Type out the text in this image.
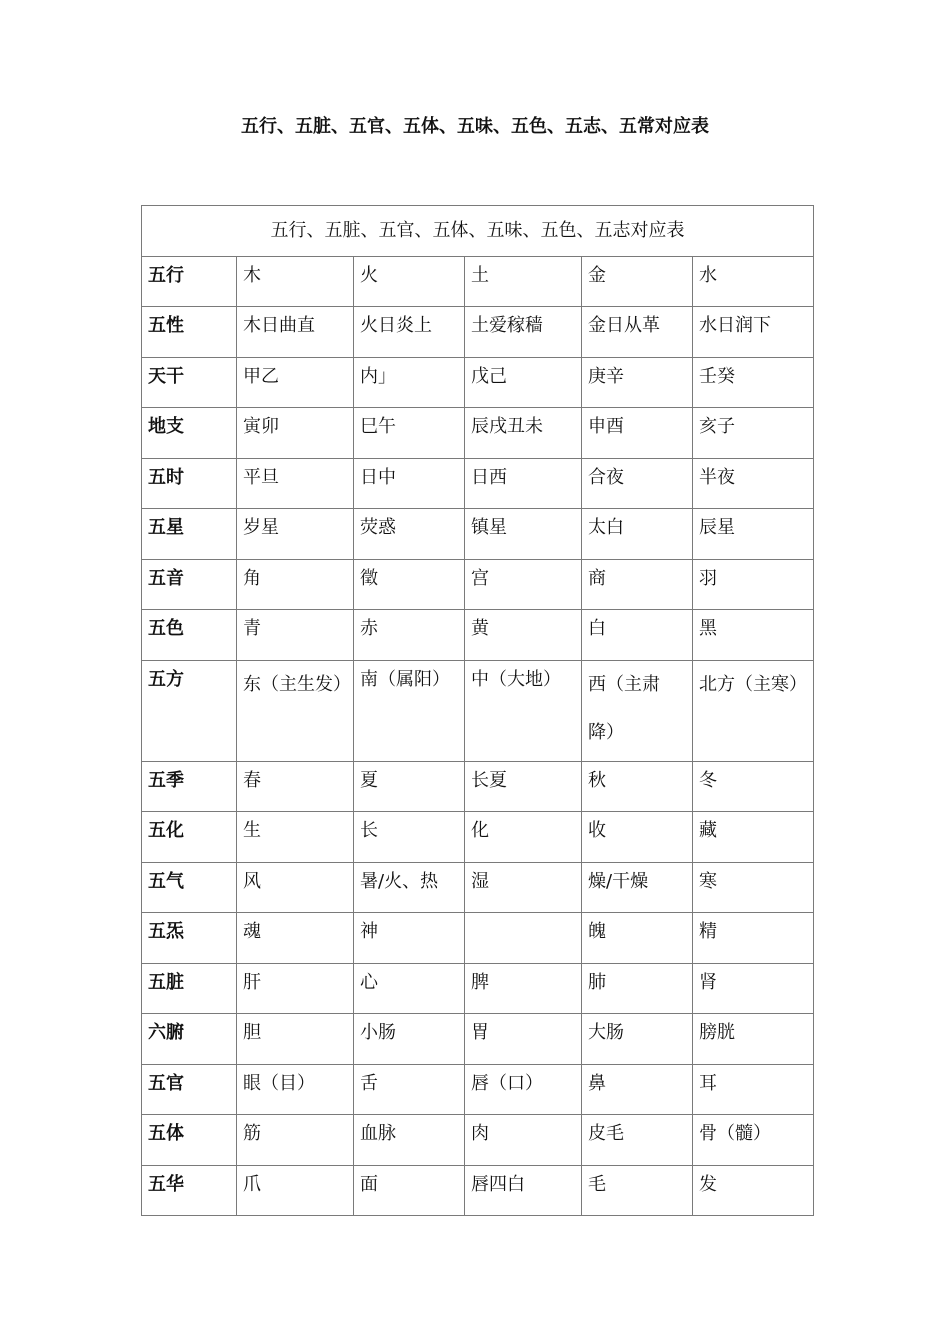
五行、五脏、五官、五体、五味、五色、五志、五常对应表
五行、五脏、五官、五体、五味、五色、五志对应表					
五行	木	火	土	金	水
五性	木日曲直	火日炎上	土爱稼穑	金日从革	水日润下
天干	甲乙	内」	戊己	庚辛	壬癸
地支	寅卯	巳午	辰戌丑未	申酉	亥子
五时	平旦	日中	日西	合夜	半夜
五星	岁星	荧惑	镇星	太白	辰星
五音	角	徵	宫	商	羽
五色	青	赤	黄	白	黑
五方	东（主生发）	南（属阳）	中（大地）	西（主肃降）	北方（主寒）
五季	春	夏	长夏	秋	冬
五化	生	长	化	收	藏
五气	风	暑/火、热	湿	燥/干燥	寒
五炁	魂	神		魄	精
五脏	肝	心	脾	肺	肾
六腑	胆	小肠	胃	大肠	膀胱
五官	眼（目）	舌	唇（口）	鼻	耳
五体	筋	血脉	肉	皮毛	骨（髓）
五华	爪	面	唇四白	毛	发
